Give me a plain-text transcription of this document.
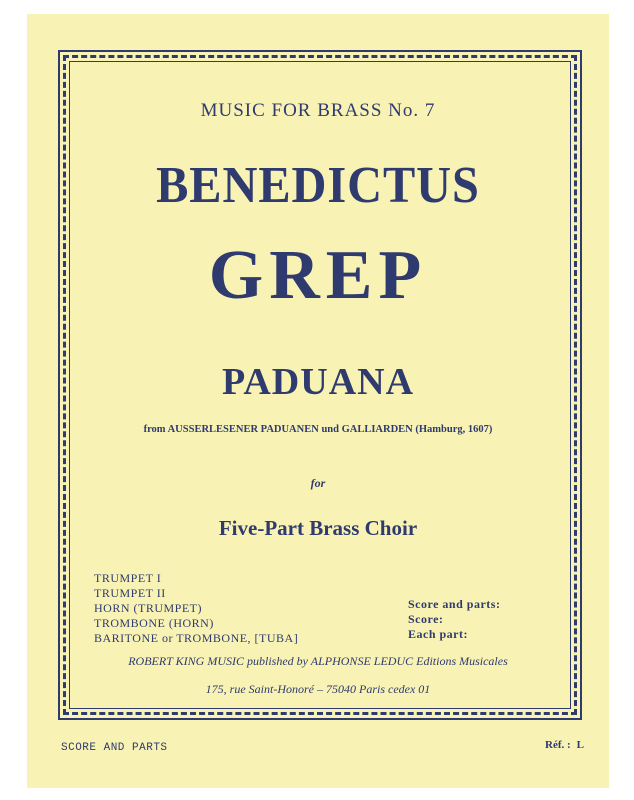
MUSIC FOR BRASS No. 7
BENEDICTUS
GREP
PADUANA
from AUSSERLESENER PADUANEN und GALLIARDEN (Hamburg, 1607)
for
Five-Part Brass Choir
TRUMPET I
TRUMPET II
HORN (TRUMPET)
TROMBONE (HORN)
BARITONE or TROMBONE, [TUBA]
Score and parts:
Score:
Each part:
ROBERT KING MUSIC published by ALPHONSE LEDUC Editions Musicales
175, rue Saint-Honoré – 75040 Paris cedex 01
SCORE AND PARTS	Réf. : L
